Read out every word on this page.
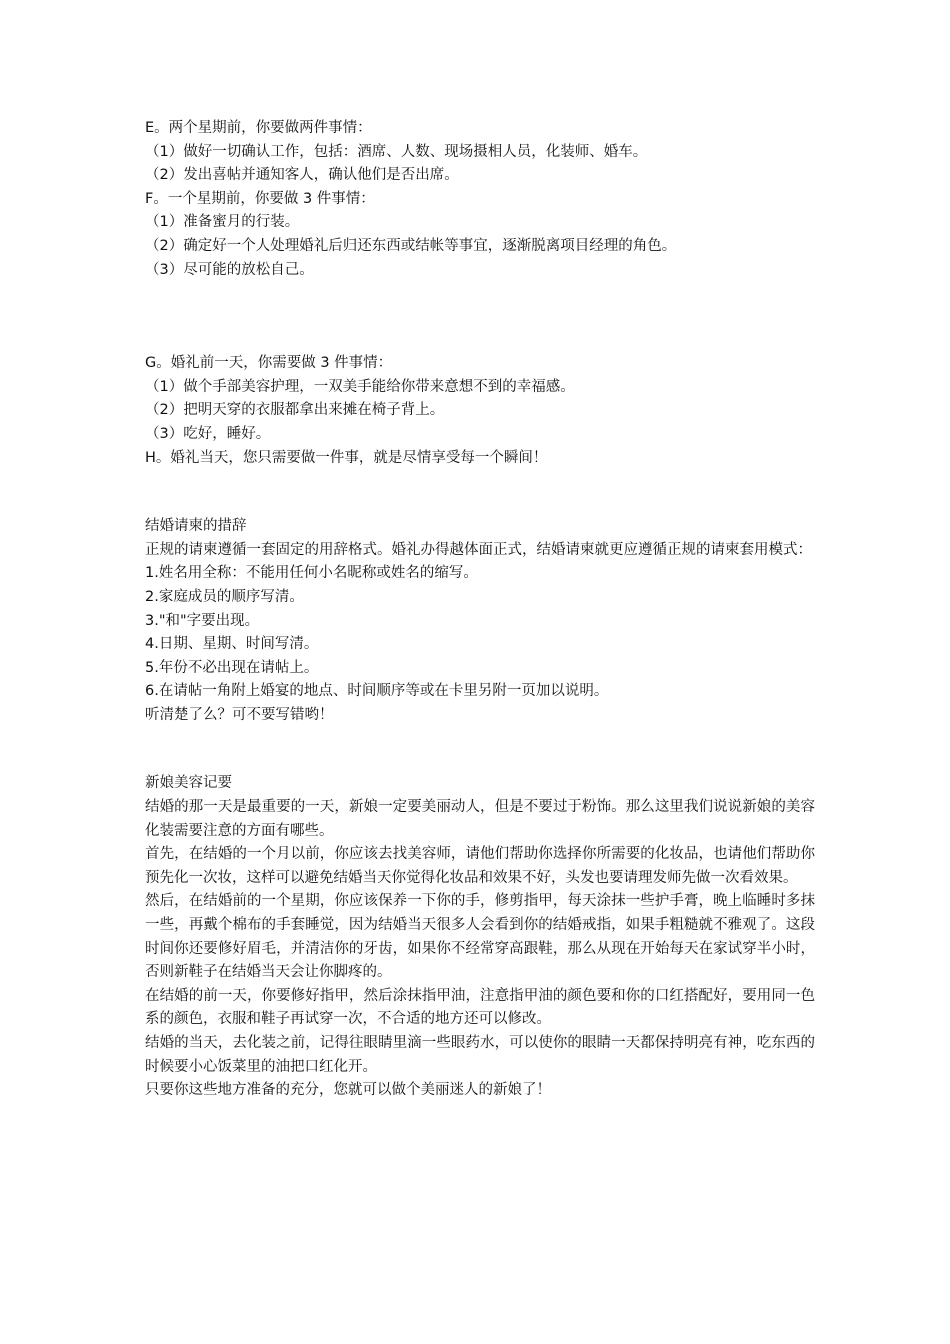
E。两个星期前，你要做两件事情：
（1）做好一切确认工作，包括：酒席、人数、现场摄相人员，化装师、婚车。
（2）发出喜帖并通知客人，确认他们是否出席。
F。一个星期前，你要做 3 件事情：
（1）准备蜜月的行装。
（2）确定好一个人处理婚礼后归还东西或结帐等事宜，逐渐脱离项目经理的角色。
（3）尽可能的放松自己。
G。婚礼前一天，你需要做 3 件事情：
（1）做个手部美容护理，一双美手能给你带来意想不到的幸福感。
（2）把明天穿的衣服都拿出来摊在椅子背上。
（3）吃好，睡好。
H。婚礼当天，您只需要做一件事，就是尽情享受每一个瞬间！
结婚请柬的措辞
正规的请柬遵循一套固定的用辞格式。婚礼办得越体面正式，结婚请柬就更应遵循正规的请柬套用模式：
1.姓名用全称：不能用任何小名昵称或姓名的缩写。
2.家庭成员的顺序写清。
3."和"字要出现。
4.日期、星期、时间写清。
5.年份不必出现在请帖上。
6.在请帖一角附上婚宴的地点、时间顺序等或在卡里另附一页加以说明。
听清楚了么？可不要写错哟！
新娘美容记要
结婚的那一天是最重要的一天，新娘一定要美丽动人，但是不要过于粉饰。那么这里我们说说新娘的美容化装需要注意的方面有哪些。
首先，在结婚的一个月以前，你应该去找美容师，请他们帮助你选择你所需要的化妆品，也请他们帮助你预先化一次妆，这样可以避免结婚当天你觉得化妆品和效果不好，头发也要请理发师先做一次看效果。
然后，在结婚前的一个星期，你应该保养一下你的手，修剪指甲，每天涂抹一些护手膏，晚上临睡时多抹一些，再戴个棉布的手套睡觉，因为结婚当天很多人会看到你的结婚戒指，如果手粗糙就不雅观了。这段时间你还要修好眉毛，并清洁你的牙齿，如果你不经常穿高跟鞋，那么从现在开始每天在家试穿半小时，否则新鞋子在结婚当天会让你脚疼的。
在结婚的前一天，你要修好指甲，然后涂抹指甲油，注意指甲油的颜色要和你的口红搭配好，要用同一色系的颜色，衣服和鞋子再试穿一次，不合适的地方还可以修改。
结婚的当天，去化装之前，记得往眼睛里滴一些眼药水，可以使你的眼睛一天都保持明亮有神，吃东西的时候要小心饭菜里的油把口红化开。
只要你这些地方准备的充分，您就可以做个美丽迷人的新娘了！
